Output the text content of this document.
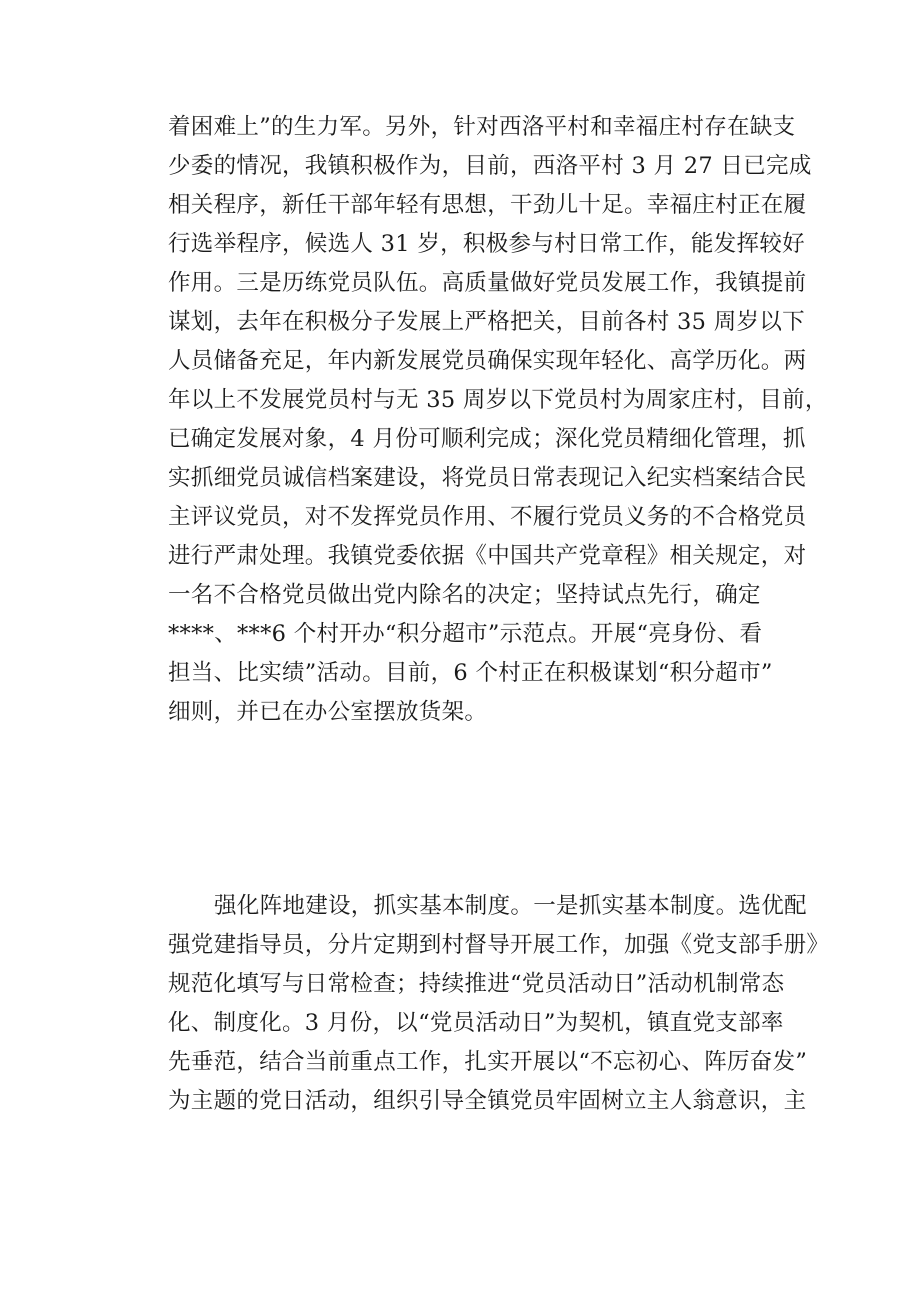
着困难上”的生力军。另外，针对西洛平村和幸福庄村存在缺支
少委的情况，我镇积极作为，目前，西洛平村 3 月 27 日已完成
相关程序，新任干部年轻有思想，干劲儿十足。幸福庄村正在履
行选举程序，候选人 31 岁，积极参与村日常工作，能发挥较好
作用。三是历练党员队伍。高质量做好党员发展工作，我镇提前
谋划，去年在积极分子发展上严格把关，目前各村 35 周岁以下
人员储备充足，年内新发展党员确保实现年轻化、高学历化。两
年以上不发展党员村与无 35 周岁以下党员村为周家庄村，目前，
已确定发展对象，4 月份可顺利完成；深化党员精细化管理，抓
实抓细党员诚信档案建设，将党员日常表现记入纪实档案结合民
主评议党员，对不发挥党员作用、不履行党员义务的不合格党员
进行严肃处理。我镇党委依据《中国共产党章程》相关规定，对
一名不合格党员做出党内除名的决定；坚持试点先行，确定
****、***6 个村开办“积分超市”示范点。开展“亮身份、看
担当、比实绩”活动。目前，6 个村正在积极谋划“积分超市”
细则，并已在办公室摆放货架。
强化阵地建设，抓实基本制度。一是抓实基本制度。选优配
强党建指导员，分片定期到村督导开展工作，加强《党支部手册》
规范化填写与日常检查；持续推进“党员活动日”活动机制常态
化、制度化。3 月份，以“党员活动日”为契机，镇直党支部率
先垂范，结合当前重点工作，扎实开展以“不忘初心、阵厉奋发”
为主题的党日活动，组织引导全镇党员牢固树立主人翁意识，主
